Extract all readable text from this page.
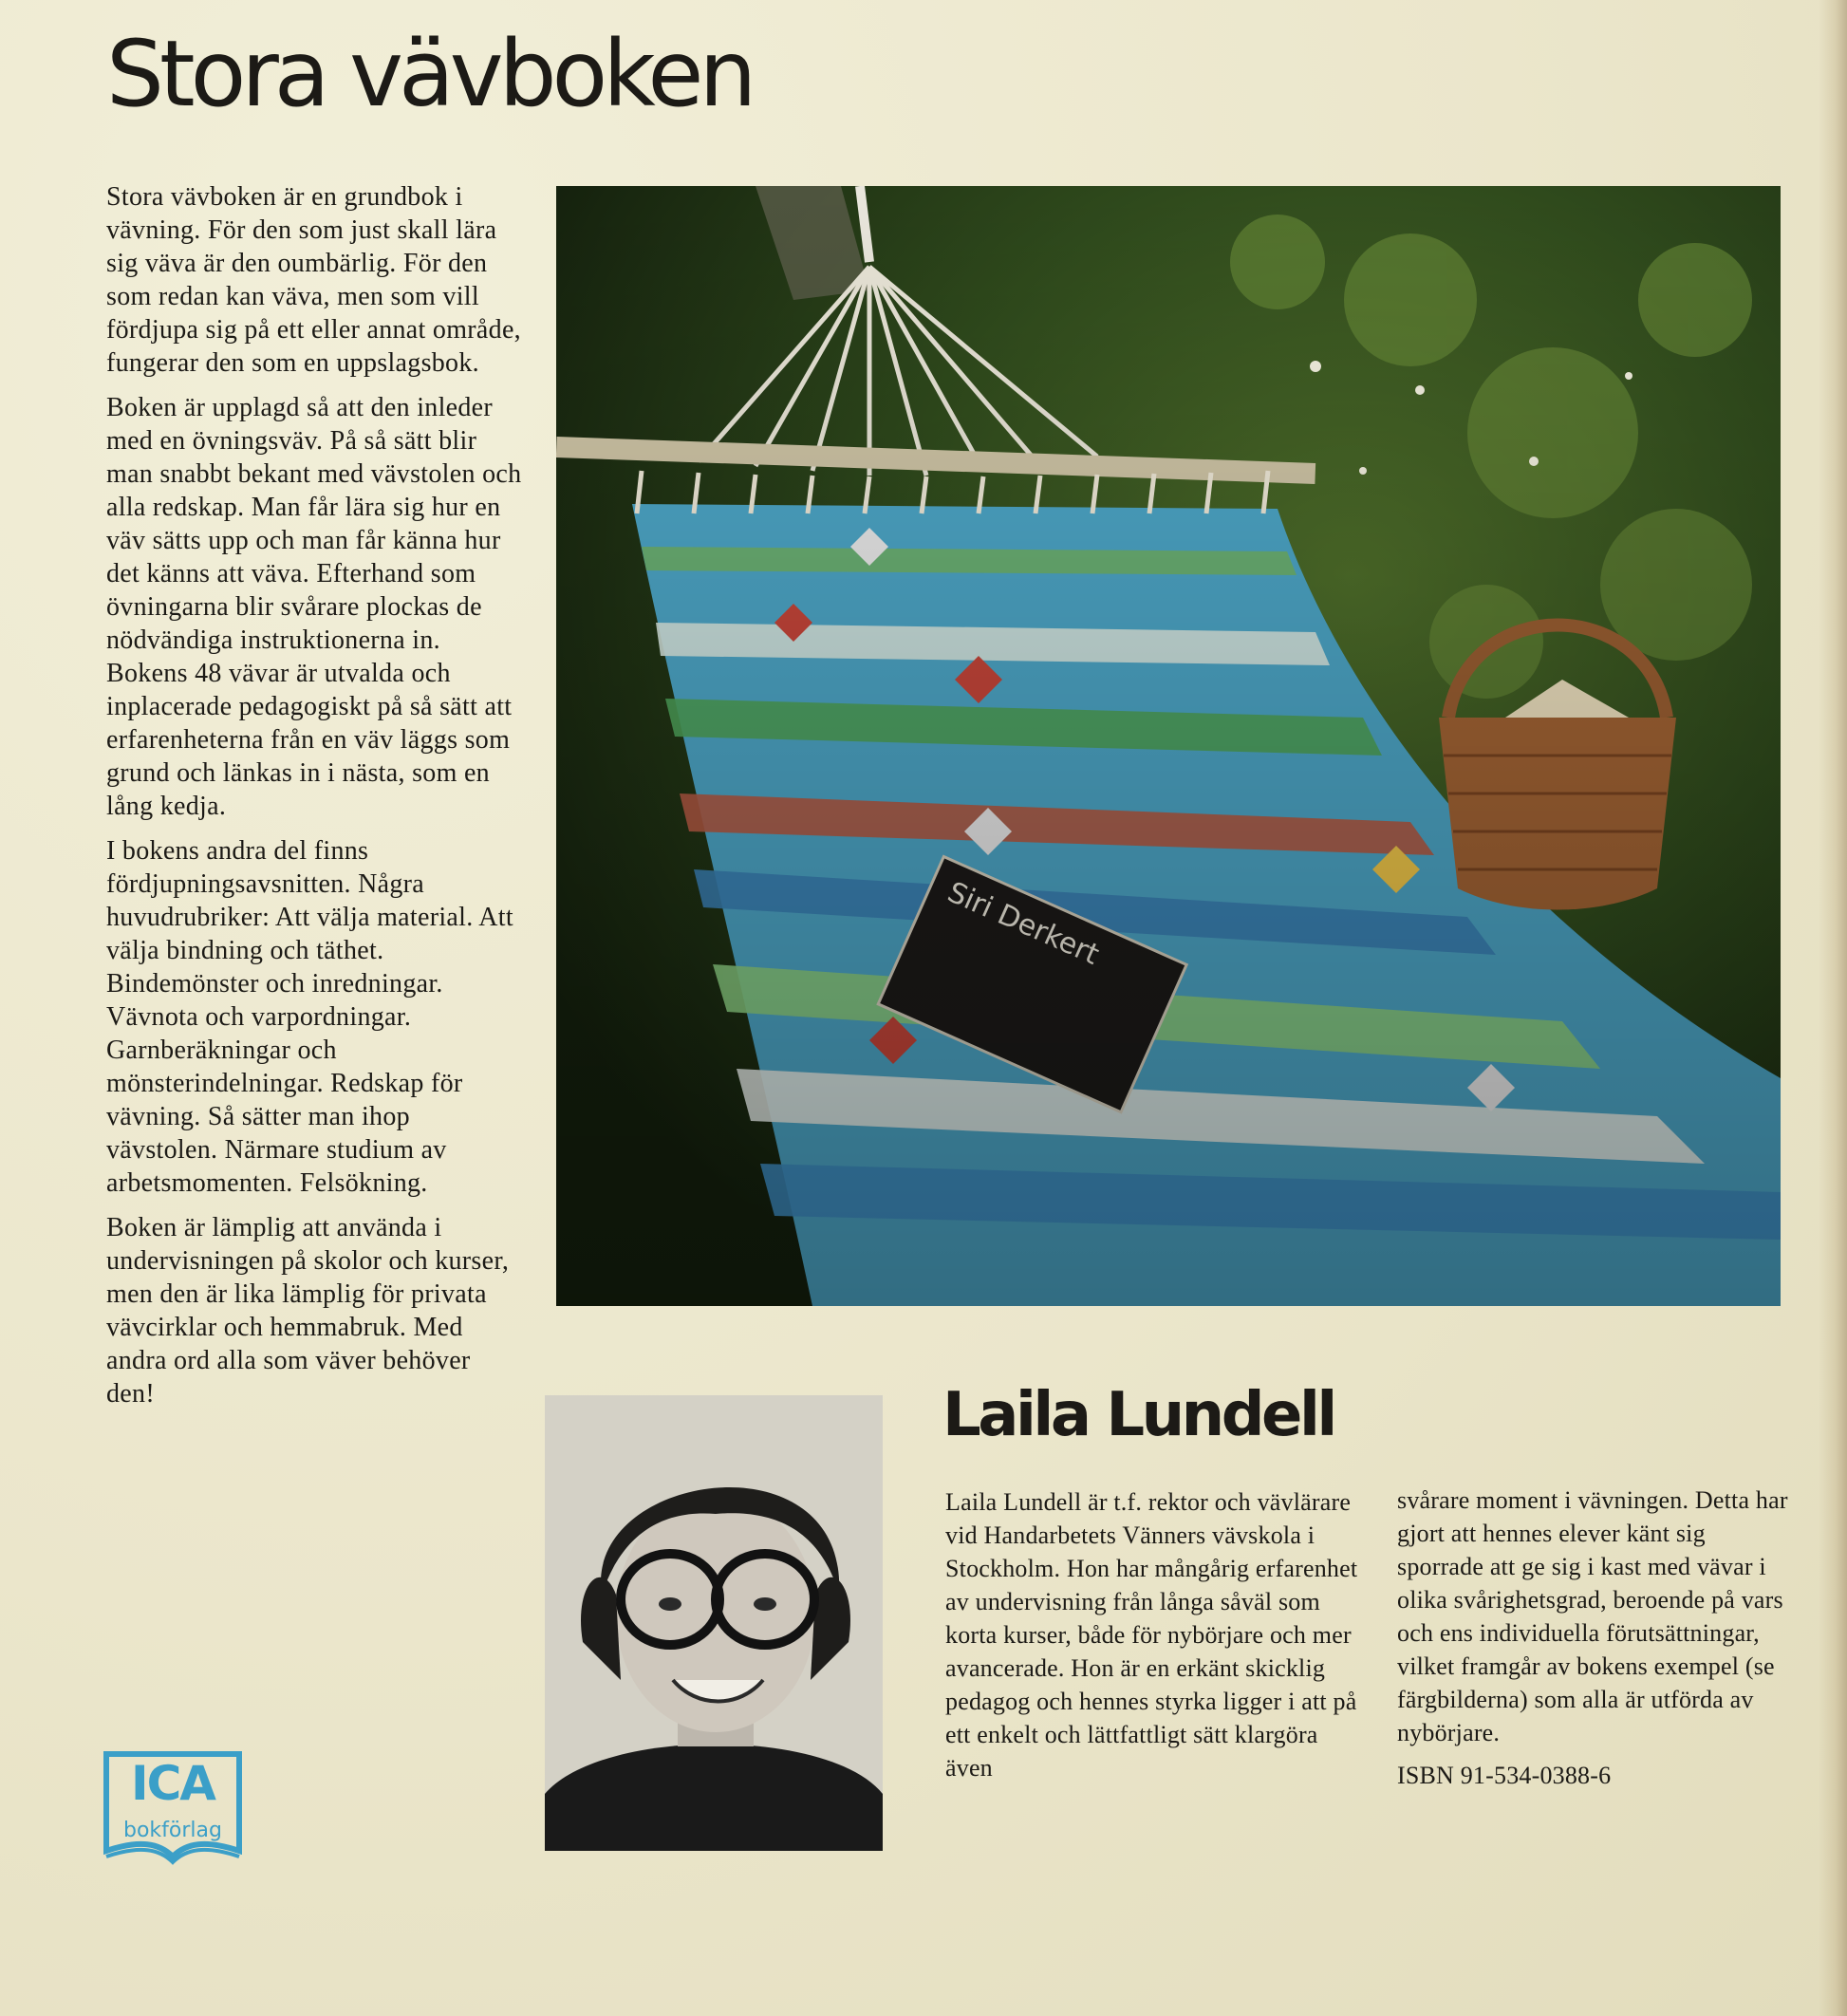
Stora vävboken

Stora vävboken är en grundbok i vävning. För den som just skall lära sig väva är den oumbärlig. För den som redan kan väva, men som vill fördjupa sig på ett eller annat område, fungerar den som en uppslagsbok.

Boken är upplagd så att den inleder med en övningsväv. På så sätt blir man snabbt bekant med vävstolen och alla redskap. Man får lära sig hur en väv sätts upp och man får känna hur det känns att väva. Efterhand som övningarna blir svårare plockas de nödvändiga instruktionerna in. Bokens 48 vävar är utvalda och inplacerade pedagogiskt på så sätt att erfarenheterna från en väv läggs som grund och länkas in i nästa, som en lång kedja.

I bokens andra del finns fördjupningsavsnitten. Några huvudrubriker: Att välja material. Att välja bindning och täthet. Bindemönster och inredningar. Vävnota och varpordningar. Garnberäkningar och mönsterindelningar. Redskap för vävning. Så sätter man ihop vävstolen. Närmare studium av arbetsmomenten. Felsökning.

Boken är lämplig att använda i undervisningen på skolor och kurser, men den är lika lämplig för privata vävcirklar och hemmabruk. Med andra ord alla som väver behöver den!	Laila Lundell
Laila Lundell är t.f. rektor och vävlärare vid Handarbetets Vänners vävskola i Stockholm. Hon har mångårig erfarenhet av undervisning från långa såväl som korta kurser, både för nybörjare och mer avancerade. Hon är en erkänt skicklig pedagog och hennes styrka ligger i att på ett enkelt och lättfattligt sätt klargöra även

svårare moment i vävningen. Detta har gjort att hennes elever känt sig sporrade att ge sig i kast med vävar i olika svårighetsgrad, beroende på vars och ens individuella förutsättningar, vilket framgår av bokens exempel (se färgbilderna) som alla är utförda av nybörjare.

ISBN 91-534-0388-6
ICA
bokförlag
